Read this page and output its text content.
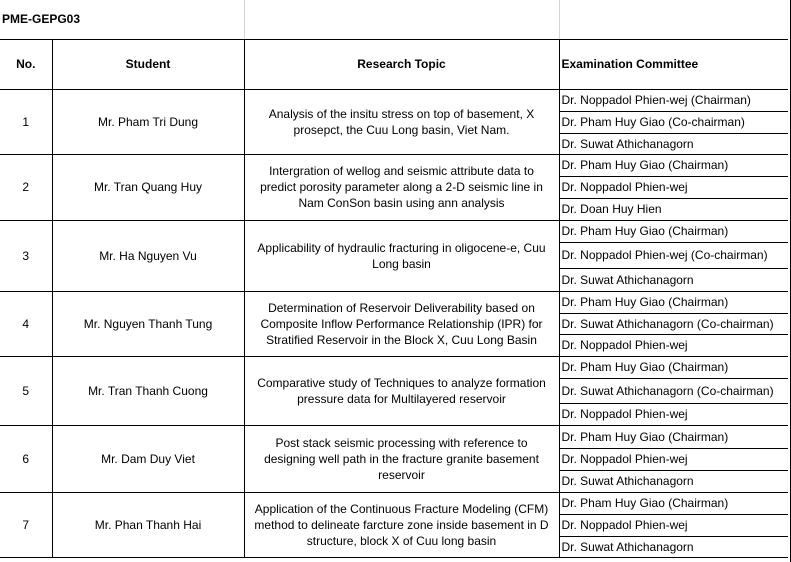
PME-GEPG03			
No.	Student	Research Topic	Examination Committee
1	Mr. Pham Tri Dung	Analysis of the insitu stress on top of basement, X prosepct, the Cuu Long basin, Viet Nam.	Dr. Noppadol Phien-wej (Chairman)
			Dr. Pham Huy Giao (Co-chairman)
			Dr. Suwat Athichanagorn
2	Mr. Tran Quang Huy	Intergration of wellog and seismic attribute data to predict porosity parameter along a 2-D seismic line in Nam ConSon basin using ann analysis	Dr. Pham Huy Giao (Chairman)
			Dr. Noppadol Phien-wej
			Dr. Doan Huy Hien
3	Mr. Ha Nguyen Vu	Applicability of hydraulic fracturing in oligocene-e, Cuu Long basin	Dr. Pham Huy Giao (Chairman)
			Dr. Noppadol Phien-wej (Co-chairman)
			Dr. Suwat Athichanagorn
4	Mr. Nguyen Thanh Tung	Determination of Reservoir Deliverability based on Composite Inflow Performance Relationship (IPR) for Stratified Reservoir in the Block X, Cuu Long Basin	Dr. Pham Huy Giao (Chairman)
			Dr. Suwat Athichanagorn (Co-chairman)
			Dr. Noppadol Phien-wej
5	Mr. Tran Thanh Cuong	Comparative study of Techniques to analyze formation pressure data for Multilayered reservoir	Dr. Pham Huy Giao (Chairman)
			Dr. Suwat Athichanagorn (Co-chairman)
			Dr. Noppadol Phien-wej
6	Mr. Dam Duy Viet	Post stack seismic processing with reference to designing well path in the fracture granite basement reservoir	Dr. Pham Huy Giao (Chairman)
			Dr. Noppadol Phien-wej
			Dr. Suwat Athichanagorn
7	Mr. Phan Thanh Hai	Application of the Continuous Fracture Modeling (CFM) method to delineate farcture zone inside basement in D structure, block X of Cuu long basin	Dr. Pham Huy Giao (Chairman)
			Dr. Noppadol Phien-wej
			Dr. Suwat Athichanagorn
